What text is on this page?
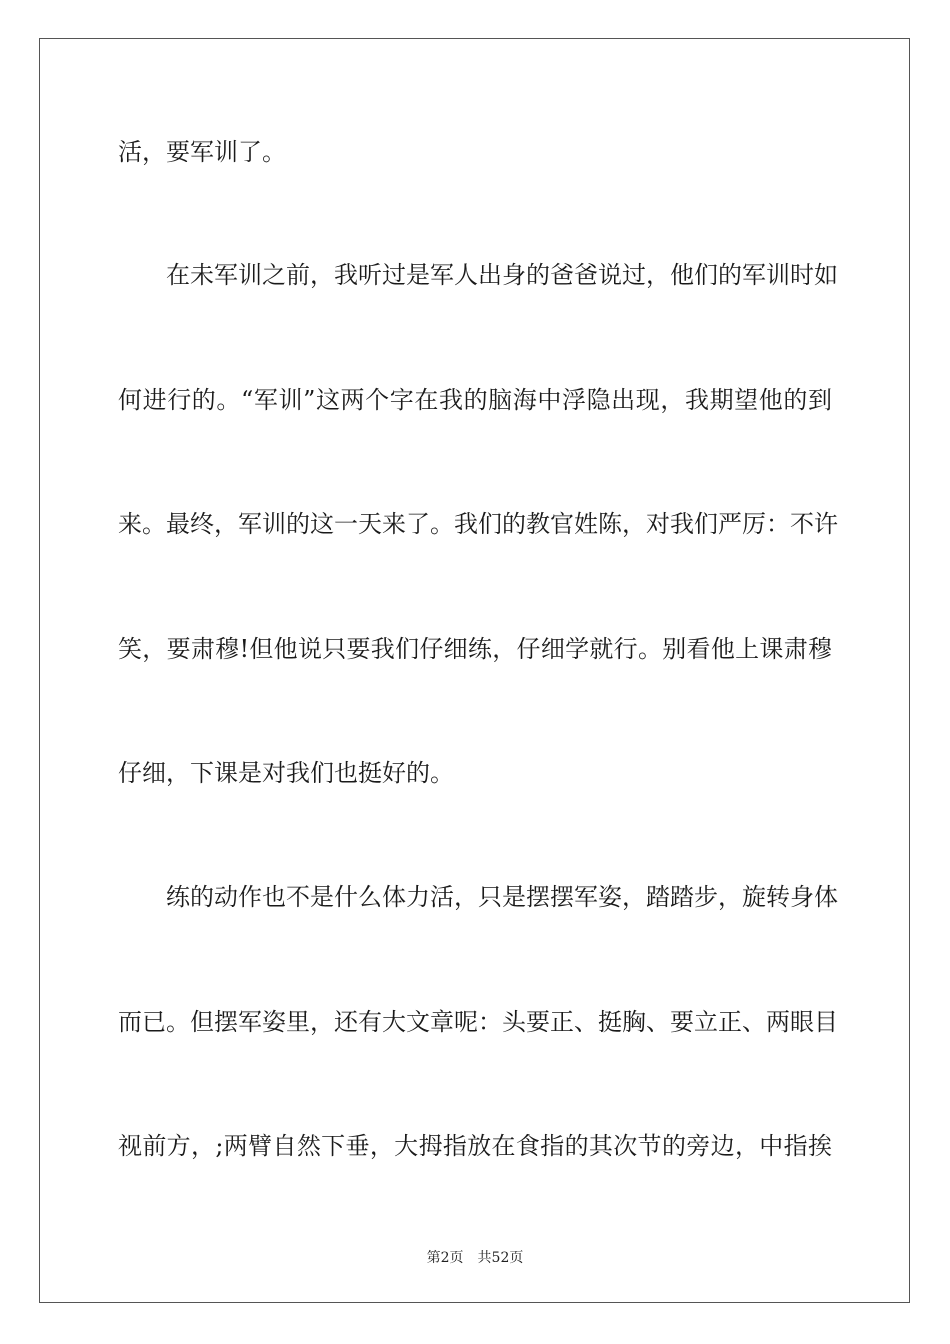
活，要军训了。
在未军训之前，我听过是军人出身的爸爸说过，他们的军训时如
何进行的。“军训”这两个字在我的脑海中浮隐出现，我期望他的到
来。最终，军训的这一天来了。我们的教官姓陈，对我们严厉：不许
笑，要肃穆!但他说只要我们仔细练，仔细学就行。别看他上课肃穆
仔细，下课是对我们也挺好的。
练的动作也不是什么体力活，只是摆摆军姿，踏踏步，旋转身体
而已。但摆军姿里，还有大文章呢：头要正、挺胸、要立正、两眼目
视前方，;两臂自然下垂，大拇指放在食指的其次节的旁边，中指挨
第2页 共52页
